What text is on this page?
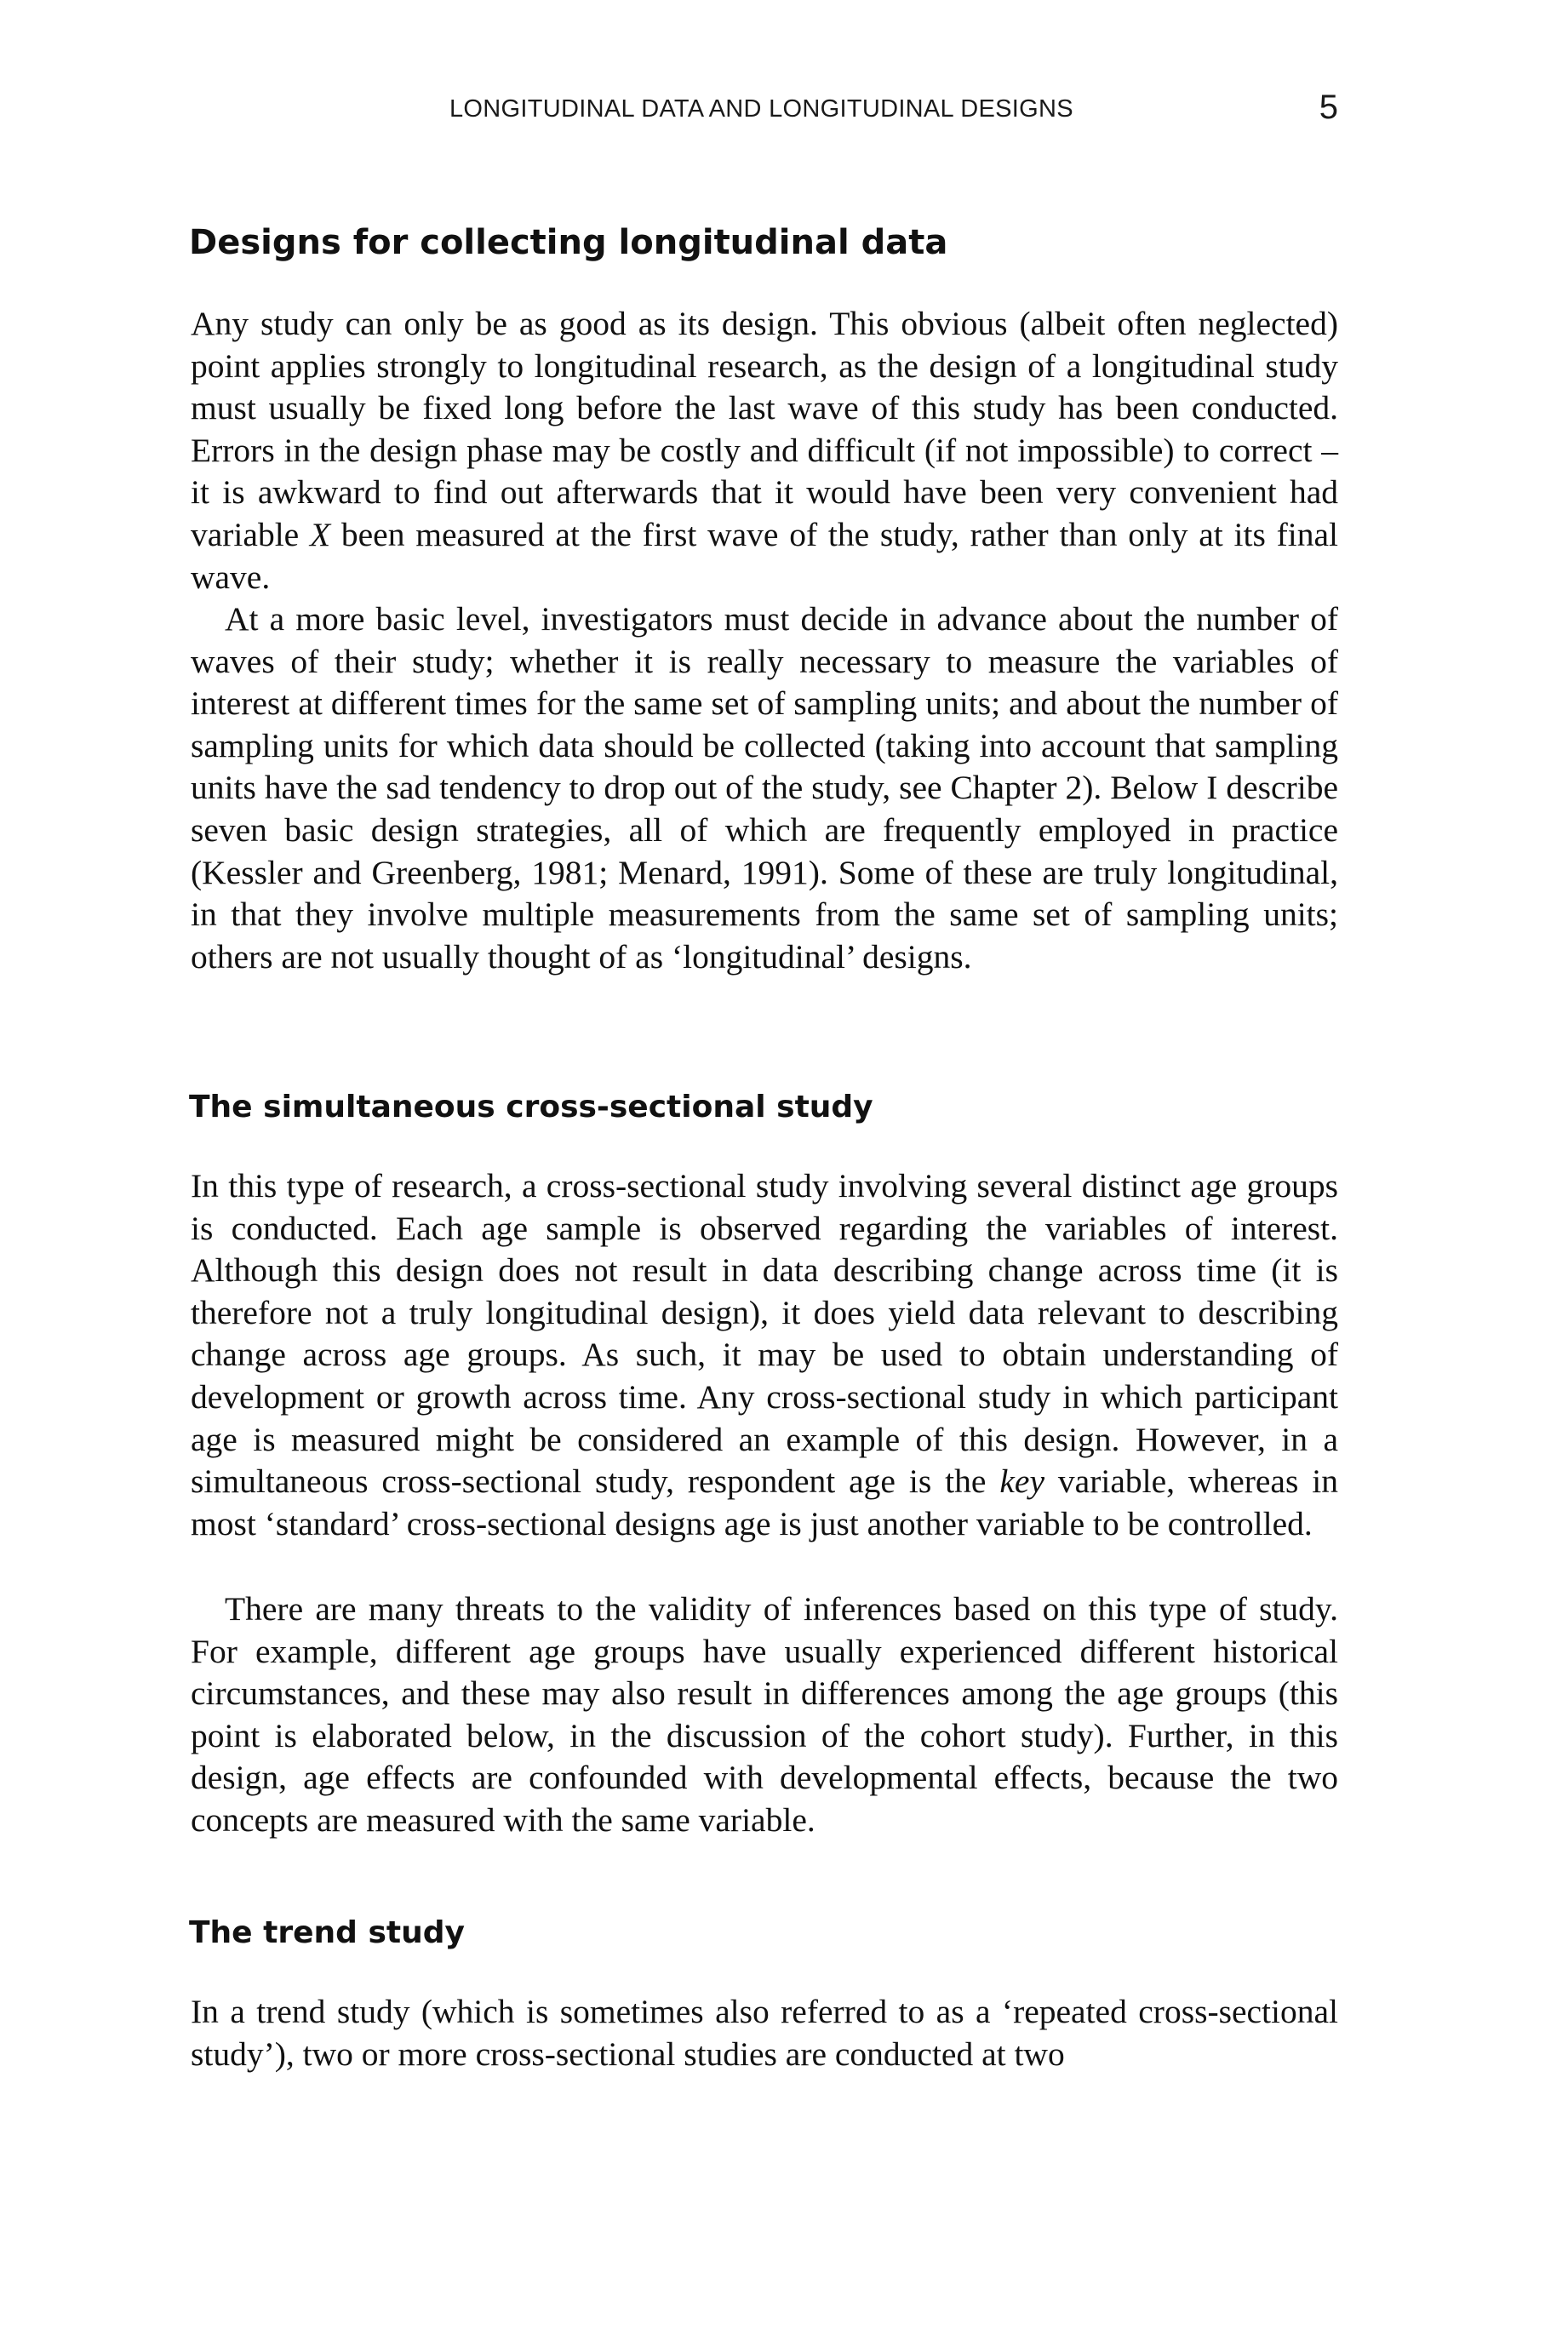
LONGITUDINAL DATA AND LONGITUDINAL DESIGNS	5
Designs for collecting longitudinal data

Any study can only be as good as its design. This obvious (albeit often neglected) point applies strongly to longitudinal research, as the design of a longitudinal study must usually be fixed long before the last wave of this study has been conducted. Errors in the design phase may be costly and difficult (if not impossible) to correct – it is awkward to find out afterwards that it would have been very convenient had variable X been measured at the first wave of the study, rather than only at its final wave.

At a more basic level, investigators must decide in advance about the number of waves of their study; whether it is really necessary to measure the variables of interest at different times for the same set of sampling units; and about the number of sampling units for which data should be collected (taking into account that sampling units have the sad tendency to drop out of the study, see Chapter 2). Below I describe seven basic design strategies, all of which are frequently employed in practice (Kessler and Greenberg, 1981; Menard, 1991). Some of these are truly longitudinal, in that they involve multiple measurements from the same set of sampling units; others are not usually thought of as ‘longitudinal’ designs.

The simultaneous cross-sectional study

In this type of research, a cross-sectional study involving several distinct age groups is conducted. Each age sample is observed regarding the variables of interest. Although this design does not result in data describing change across time (it is therefore not a truly longitudinal design), it does yield data relevant to describing change across age groups. As such, it may be used to obtain understanding of development or growth across time. Any cross-sectional study in which participant age is measured might be considered an example of this design. However, in a simultaneous cross-sectional study, respondent age is the key variable, whereas in most ‘standard’ cross-sectional designs age is just another variable to be controlled.

There are many threats to the validity of inferences based on this type of study. For example, different age groups have usually experienced different historical circumstances, and these may also result in differences among the age groups (this point is elaborated below, in the discussion of the cohort study). Further, in this design, age effects are confounded with developmental effects, because the two concepts are measured with the same variable.

The trend study

In a trend study (which is sometimes also referred to as a ‘repeated cross-sectional study’), two or more cross-sectional studies are conducted at two
